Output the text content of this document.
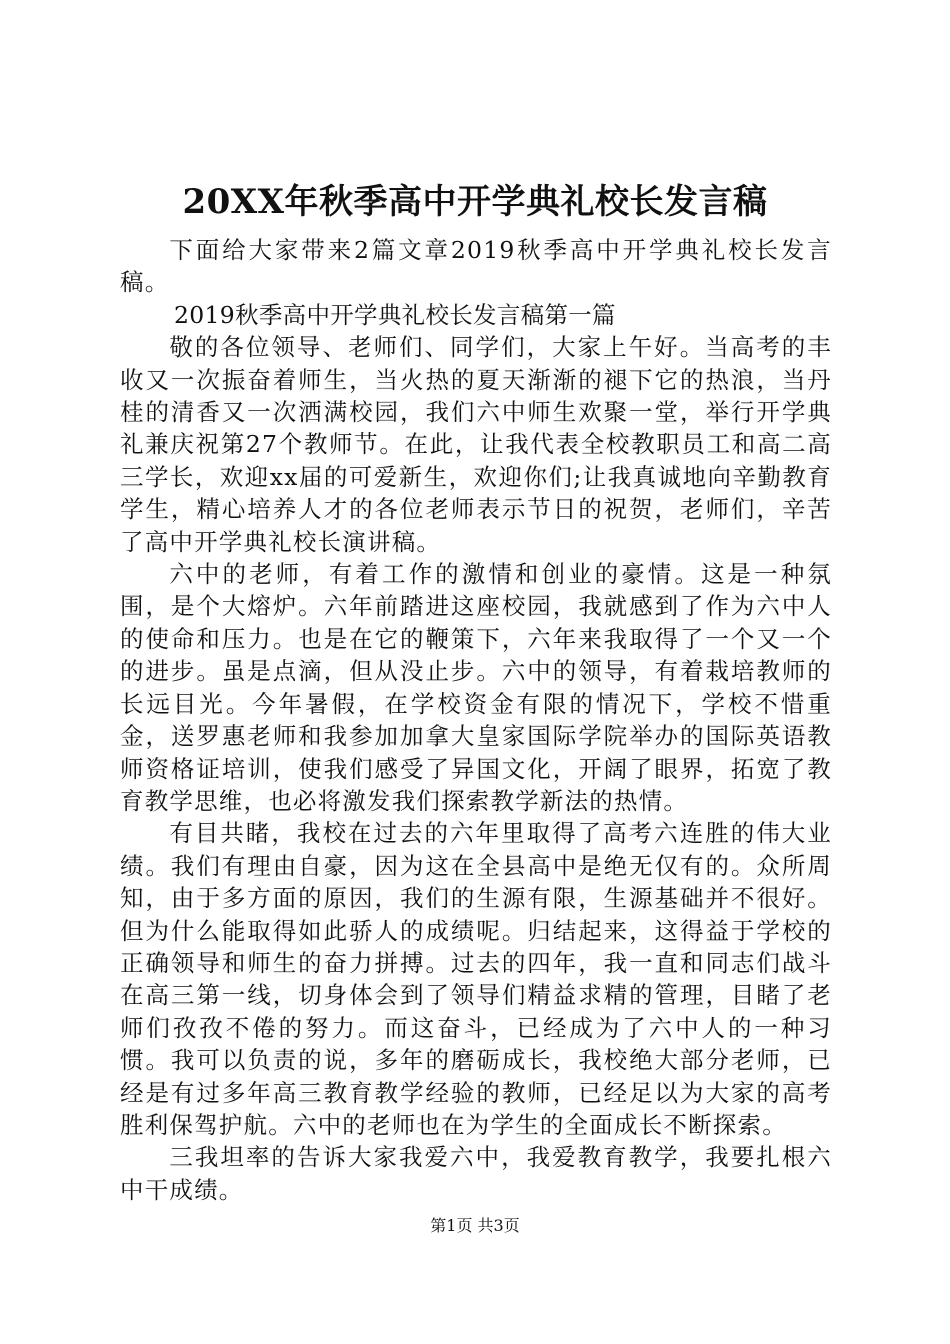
20XX年秋季高中开学典礼校长发言稿

下面给大家带来2篇文章2019秋季高中开学典礼校长发言稿。

2019秋季高中开学典礼校长发言稿第一篇

敬的各位领导、老师们、同学们，大家上午好。当高考的丰收又一次振奋着师生，当火热的夏天渐渐的褪下它的热浪，当丹桂的清香又一次洒满校园，我们六中师生欢聚一堂，举行开学典礼兼庆祝第27个教师节。在此，让我代表全校教职员工和高二高三学长，欢迎xx届的可爱新生，欢迎你们;让我真诚地向辛勤教育学生，精心培养人才的各位老师表示节日的祝贺，老师们，辛苦了高中开学典礼校长演讲稿。

六中的老师，有着工作的激情和创业的豪情。这是一种氛围，是个大熔炉。六年前踏进这座校园，我就感到了作为六中人的使命和压力。也是在它的鞭策下，六年来我取得了一个又一个的进步。虽是点滴，但从没止步。六中的领导，有着栽培教师的长远目光。今年暑假，在学校资金有限的情况下，学校不惜重金，送罗惠老师和我参加加拿大皇家国际学院举办的国际英语教师资格证培训，使我们感受了异国文化，开阔了眼界，拓宽了教育教学思维，也必将激发我们探索教学新法的热情。

有目共睹，我校在过去的六年里取得了高考六连胜的伟大业绩。我们有理由自豪，因为这在全县高中是绝无仅有的。众所周知，由于多方面的原因，我们的生源有限，生源基础并不很好。但为什么能取得如此骄人的成绩呢。归结起来，这得益于学校的正确领导和师生的奋力拼搏。过去的四年，我一直和同志们战斗在高三第一线，切身体会到了领导们精益求精的管理，目睹了老师们孜孜不倦的努力。而这奋斗，已经成为了六中人的一种习惯。我可以负责的说，多年的磨砺成长，我校绝大部分老师，已经是有过多年高三教育教学经验的教师，已经足以为大家的高考胜利保驾护航。六中的老师也在为学生的全面成长不断探索。

三我坦率的告诉大家我爱六中，我爱教育教学，我要扎根六中干成绩。

第1页 共3页
